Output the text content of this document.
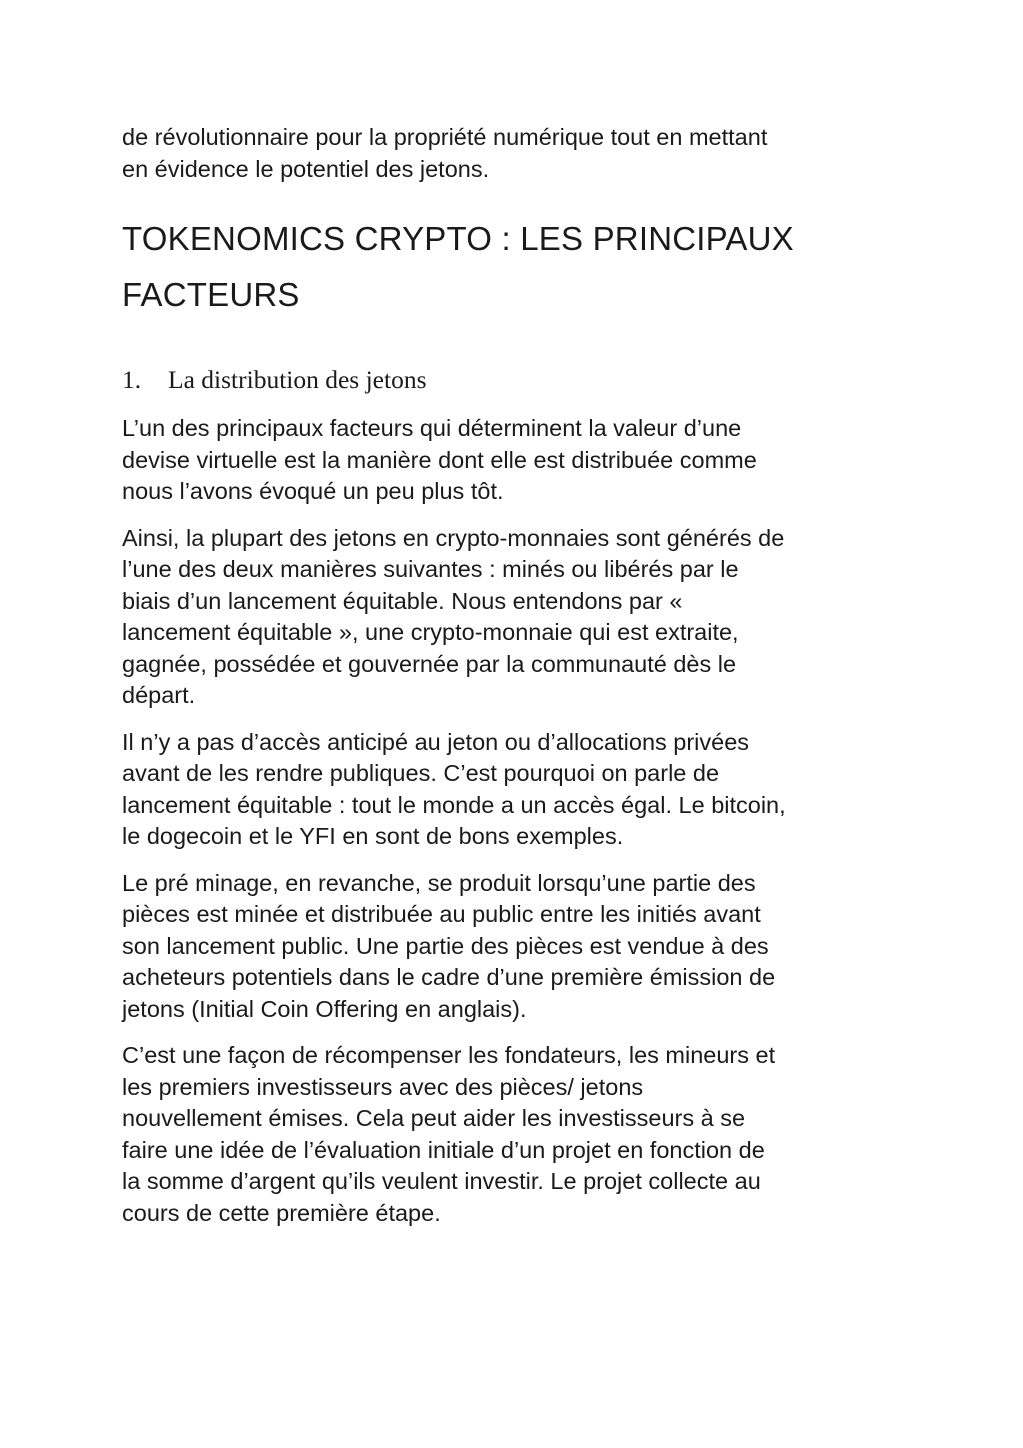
de révolutionnaire pour la propriété numérique tout en mettant
en évidence le potentiel des jetons.

TOKENOMICS CRYPTO : LES PRINCIPAUX
FACTEURS
1.	La distribution des jetons

L’un des principaux facteurs qui déterminent la valeur d’une
devise virtuelle est la manière dont elle est distribuée comme
nous l’avons évoqué un peu plus tôt.

Ainsi, la plupart des jetons en crypto-monnaies sont générés de
l’une des deux manières suivantes : minés ou libérés par le
biais d’un lancement équitable. Nous entendons par «
lancement équitable », une crypto-monnaie qui est extraite,
gagnée, possédée et gouvernée par la communauté dès le
départ.

Il n’y a pas d’accès anticipé au jeton ou d’allocations privées
avant de les rendre publiques. C’est pourquoi on parle de
lancement équitable : tout le monde a un accès égal. Le bitcoin,
le dogecoin et le YFI en sont de bons exemples.

Le pré minage, en revanche, se produit lorsqu’une partie des
pièces est minée et distribuée au public entre les initiés avant
son lancement public. Une partie des pièces est vendue à des
acheteurs potentiels dans le cadre d’une première émission de
jetons (Initial Coin Offering en anglais).

C’est une façon de récompenser les fondateurs, les mineurs et
les premiers investisseurs avec des pièces/ jetons
nouvellement émises. Cela peut aider les investisseurs à se
faire une idée de l’évaluation initiale d’un projet en fonction de
la somme d’argent qu’ils veulent investir. Le projet collecte au
cours de cette première étape.
